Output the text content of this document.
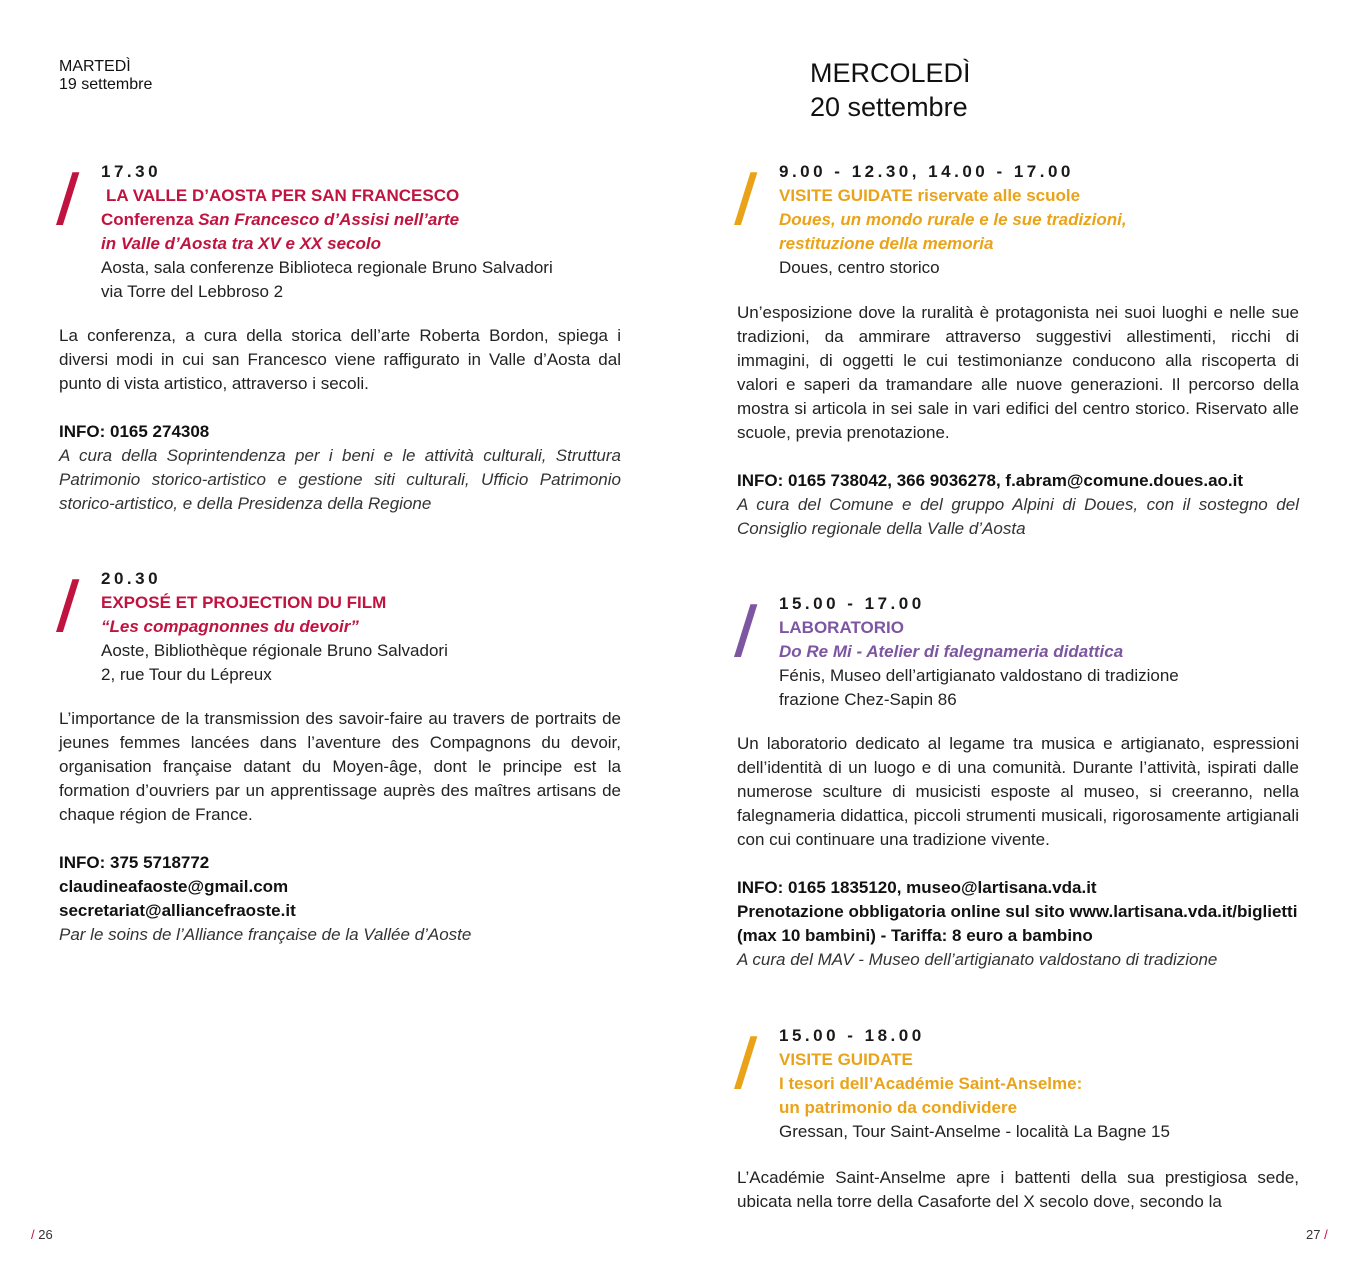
MARTEDÌ
19 settembre
/ 17.30
LA VALLE D’AOSTA PER SAN FRANCESCO
Conferenza San Francesco d’Assisi nell’arte
in Valle d’Aosta tra XV e XX secolo
Aosta, sala conferenze Biblioteca regionale Bruno Salvadori
via Torre del Lebbroso 2
La conferenza, a cura della storica dell’arte Roberta Bordon, spiega i diversi modi in cui san Francesco viene raffigurato in Valle d’Aosta dal punto di vista artistico, attraverso i secoli.
INFO: 0165 274308
A cura della Soprintendenza per i beni e le attività culturali, Struttura Patrimonio storico-artistico e gestione siti culturali, Ufficio Patrimonio storico-artistico, e della Presidenza della Regione
/ 20.30
EXPOSÉ ET PROJECTION DU FILM
“Les compagnonnes du devoir”
Aoste, Bibliothèque régionale Bruno Salvadori
2, rue Tour du Lépreux
L’importance de la transmission des savoir-faire au travers de portraits de jeunes femmes lancées dans l’aventure des Compagnons du devoir, organisation française datant du Moyen-âge, dont le principe est la formation d’ouvriers par un apprentissage auprès des maîtres artisans de chaque région de France.
INFO: 375 5718772
claudineafaoste@gmail.com
secretariat@alliancefraoste.it
Par le soins de l’Alliance française de la Vallée d’Aoste
/ 26
MERCOLEDÌ
20 settembre
/ 9.00 - 12.30, 14.00 - 17.00
VISITE GUIDATE riservate alle scuole
Doues, un mondo rurale e le sue tradizioni,
restituzione della memoria
Doues, centro storico
Un’esposizione dove la ruralità è protagonista nei suoi luoghi e nelle sue tradizioni, da ammirare attraverso suggestivi allestimenti, ricchi di immagini, di oggetti le cui testimonianze conducono alla riscoperta di valori e saperi da tramandare alle nuove generazioni. Il percorso della mostra si articola in sei sale in vari edifici del centro storico. Riservato alle scuole, previa prenotazione.
INFO: 0165 738042, 366 9036278, f.abram@comune.doues.ao.it
A cura del Comune e del gruppo Alpini di Doues, con il sostegno del Consiglio regionale della Valle d’Aosta
/ 15.00 - 17.00
LABORATORIO
Do Re Mi - Atelier di falegnameria didattica
Fénis, Museo dell’artigianato valdostano di tradizione
frazione Chez-Sapin 86
Un laboratorio dedicato al legame tra musica e artigianato, espressioni dell’identità di un luogo e di una comunità. Durante l’attività, ispirati dalle numerose sculture di musicisti esposte al museo, si creeranno, nella falegnameria didattica, piccoli strumenti musicali, rigorosamente artigianali con cui continuare una tradizione vivente.
INFO: 0165 1835120, museo@lartisana.vda.it
Prenotazione obbligatoria online sul sito www.lartisana.vda.it/biglietti
(max 10 bambini) - Tariffa: 8 euro a bambino
A cura del MAV - Museo dell’artigianato valdostano di tradizione
/ 15.00 - 18.00
VISITE GUIDATE
I tesori dell’Académie Saint-Anselme:
un patrimonio da condividere
Gressan, Tour Saint-Anselme - località La Bagne 15
L’Académie Saint-Anselme apre i battenti della sua prestigiosa sede, ubicata nella torre della Casaforte del X secolo dove, secondo la
27 /
